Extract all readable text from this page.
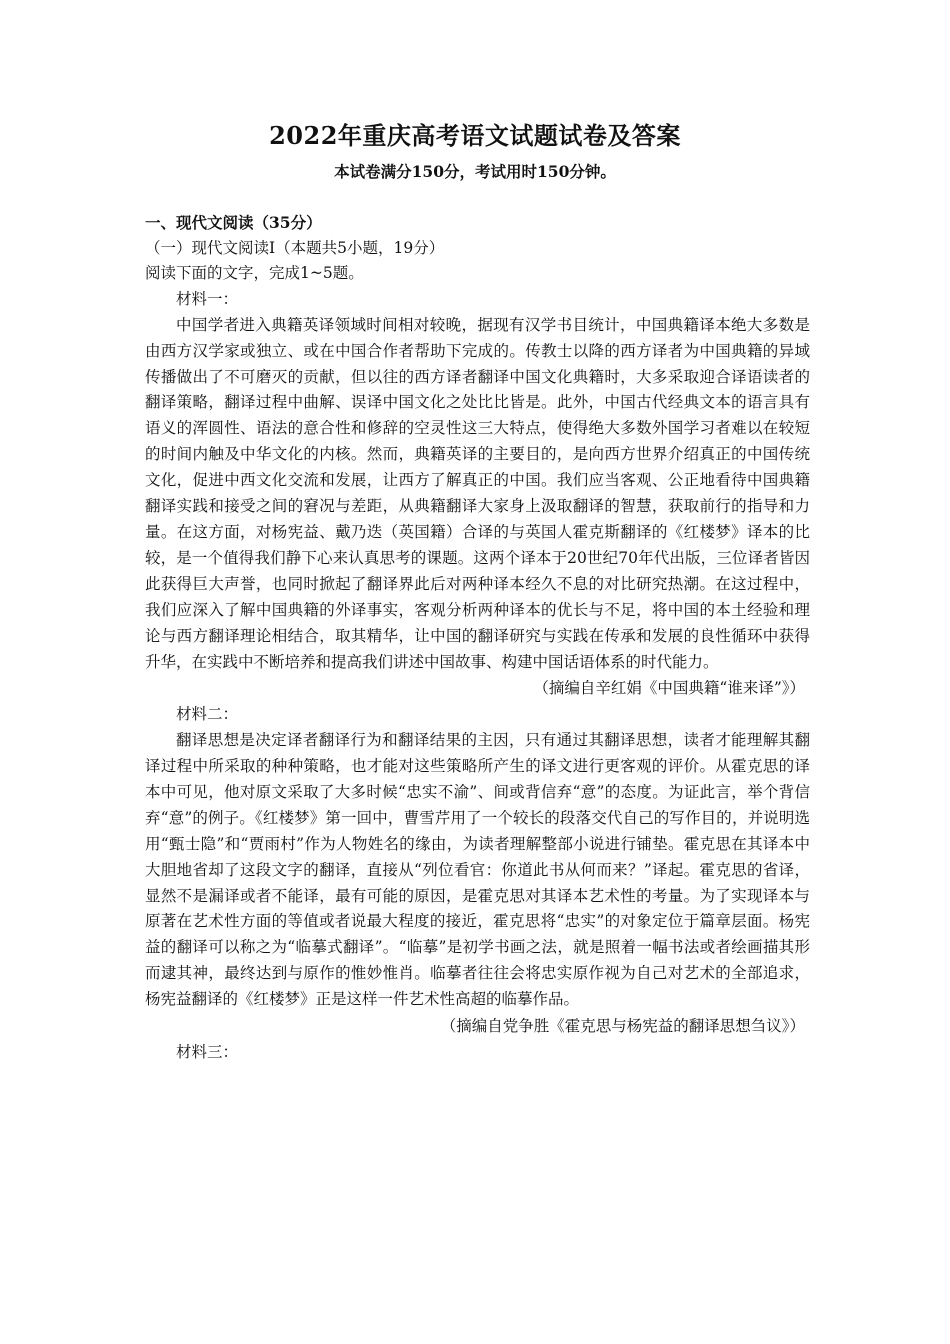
2022年重庆高考语文试题试卷及答案
本试卷满分150分，考试用时150分钟。
一、现代文阅读（35分）
（一）现代文阅读Ⅰ（本题共5小题，19分）
阅读下面的文字，完成1~5题。
材料一：
中国学者进入典籍英译领域时间相对较晚，据现有汉学书目统计，中国典籍译本绝大多数是由西方汉学家或独立、或在中国合作者帮助下完成的。传教士以降的西方译者为中国典籍的异域传播做出了不可磨灭的贡献，但以往的西方译者翻译中国文化典籍时，大多采取迎合译语读者的翻译策略，翻译过程中曲解、误译中国文化之处比比皆是。此外，中国古代经典文本的语言具有语义的浑圆性、语法的意合性和修辞的空灵性这三大特点，使得绝大多数外国学习者难以在较短的时间内触及中华文化的内核。然而，典籍英译的主要目的，是向西方世界介绍真正的中国传统文化，促进中西文化交流和发展，让西方了解真正的中国。我们应当客观、公正地看待中国典籍翻译实践和接受之间的窘况与差距，从典籍翻译大家身上汲取翻译的智慧，获取前行的指导和力量。在这方面，对杨宪益、戴乃迭（英国籍）合译的与英国人霍克斯翻译的《红楼梦》译本的比较，是一个值得我们静下心来认真思考的课题。这两个译本于20世纪70年代出版，三位译者皆因此获得巨大声誉，也同时掀起了翻译界此后对两种译本经久不息的对比研究热潮。在这过程中，我们应深入了解中国典籍的外译事实，客观分析两种译本的优长与不足，将中国的本土经验和理论与西方翻译理论相结合，取其精华，让中国的翻译研究与实践在传承和发展的良性循环中获得升华，在实践中不断培养和提高我们讲述中国故事、构建中国话语体系的时代能力。
（摘编自辛红娟《中国典籍“谁来译”》）
材料二：
翻译思想是决定译者翻译行为和翻译结果的主因，只有通过其翻译思想，读者才能理解其翻译过程中所采取的种种策略，也才能对这些策略所产生的译文进行更客观的评价。从霍克思的译本中可见，他对原文采取了大多时候“忠实不渝”、间或背信弃“意”的态度。为证此言，举个背信弃“意”的例子。《红楼梦》第一回中，曹雪芹用了一个较长的段落交代自己的写作目的，并说明选用“甄士隐”和“贾雨村”作为人物姓名的缘由，为读者理解整部小说进行铺垫。霍克思在其译本中大胆地省却了这段文字的翻译，直接从“列位看官：你道此书从何而来？”译起。霍克思的省译，显然不是漏译或者不能译，最有可能的原因，是霍克思对其译本艺术性的考量。为了实现译本与原著在艺术性方面的等值或者说最大程度的接近，霍克思将“忠实”的对象定位于篇章层面。杨宪益的翻译可以称之为“临摹式翻译”。“临摹”是初学书画之法，就是照着一幅书法或者绘画描其形而逮其神，最终达到与原作的惟妙惟肖。临摹者往往会将忠实原作视为自己对艺术的全部追求，杨宪益翻译的《红楼梦》正是这样一件艺术性高超的临摹作品。
（摘编自党争胜《霍克思与杨宪益的翻译思想刍议》）
材料三：
